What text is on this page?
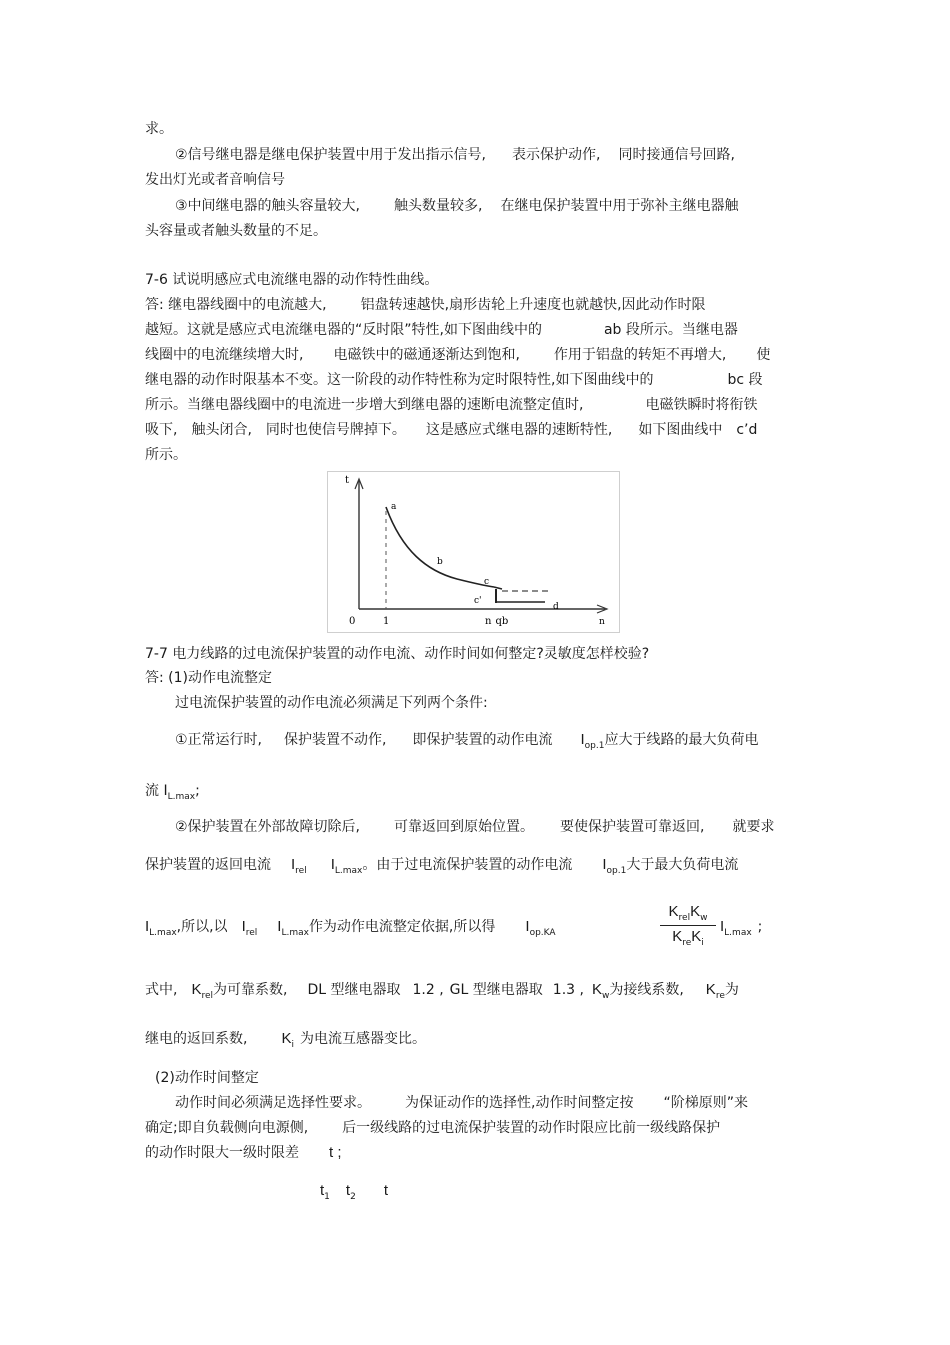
求。
②信号继电器是继电保护装置中用于发出指示信号, 表示保护动作, 同时接通信号回路,
发出灯光或者音响信号
③中间继电器的触头容量较大, 触头数量较多, 在继电保护装置中用于弥补主继电器触
头容量或者触头数量的不足。
7-6 试说明感应式电流继电器的动作特性曲线。
答: 继电器线圈中的电流越大, 铝盘转速越快,扇形齿轮上升速度也就越快,因此动作时限
越短。这就是感应式电流继电器的“反时限”特性,如下图曲线中的	ab 段所示。当继电器
线圈中的电流继续增大时, 电磁铁中的磁通逐渐达到饱和, 作用于铝盘的转矩不再增大, 使
继电器的动作时限基本不变。这一阶段的动作特性称为定时限特性,如下图曲线中的	bc 段
所示。当继电器线圈中的电流进一步增大到继电器的速断电流整定值时,	电磁铁瞬时将衔铁
吸下, 触头闭合, 同时也使信号牌掉下。 这是感应式继电器的速断特性, 如下图曲线中 c’d
所示。
t
a
b
c
c'
d
0	1	n
n qb
7-7 电力线路的过电流保护装置的动作电流、动作时间如何整定?灵敏度怎样校验?
答: (1)动作电流整定
过电流保护装置的动作电流必须满足下列两个条件:
①正常运行时, 保护装置不动作, 即保护装置的动作电流 $I_{op.1}$应大于线路的最大负荷电
流 $I_{L.max}$;
②保护装置在外部故障切除后, 可靠返回到原始位置。 要使保护装置可靠返回, 就要求
保护装置的返回电流 $I_{rel}$ $I_{L.max}$。由于过电流保护装置的动作电流 $I_{op.1}$大于最大负荷电流
$I_{L.max}$,所以,以 $I_{rel}$ $I_{L.max}$作为动作电流整定依据,所以得 $I_{op.KA}$
$K_{rel}K_w$
$K_{re}K_i$
$I_{L.max}$ ;
式中, $K_{rel}$为可靠系数, DL 型继电器取 1.2 , GL 型继电器取 1.3 , $K_w$为接线系数, $K_{re}$为
继电的返回系数, $K_i$ 为电流互感器变比。
(2)动作时间整定
动作时间必须满足选择性要求。 为保证动作的选择性,动作时间整定按 “阶梯原则”来
确定;即自负载侧向电源侧, 后一级线路的过电流保护装置的动作时限应比前一级线路保护
的动作时限大一级时限差 t ;
$t_1$ $t_2$ t
